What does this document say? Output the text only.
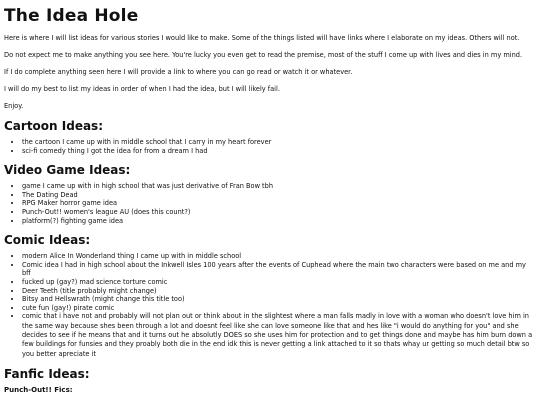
The Idea Hole

Here is where I will list ideas for various stories I would like to make. Some of the things listed will have links where I elaborate on my ideas. Others will not.

Do not expect me to make anything you see here. You're lucky you even get to read the premise, most of the stuff I come up with lives and dies in my mind.

If I do complete anything seen here I will provide a link to where you can go read or watch it or whatever.

I will do my best to list my ideas in order of when I had the idea, but I will likely fail.

Enjoy.

Cartoon Ideas:
• the cartoon I came up with in middle school that I carry in my heart forever
• sci-fi comedy thing I got the idea for from a dream I had
Video Game Ideas:
• game I came up with in high school that was just derivative of Fran Bow tbh
• The Dating Dead
• RPG Maker horror game idea
• Punch-Out!! women's league AU (does this count?)
• platform(?) fighting game idea
Comic Ideas:
• modern Alice In Wonderland thing I came up with in middle school
• Comic idea I had in high school about the Inkwell Isles 100 years after the events of Cuphead where the main two characters were based on me and my bff
• fucked up (gay?) mad science torture comic
• Deer Teeth (title probably might change)
• Bitsy and Hellswrath (might change this title too)
• cute fun (gay!) pirate comic
• comic that i have not and probably will not plan out or think about in the slightest where a man falls madly in love with a woman who doesn't love him in the same way because shes been through a lot and doesnt feel like she can love someone like that and hes like "i would do anything for you" and she decides to see if he means that and it turns out he absolutly DOES so she uses him for protection and to get things done and maybe has him burn down a few buildings for funsies and they proably both die in the end idk this is never getting a link attached to it so thats whay ur getting so much detail btw so you better apreciate it
Fanfic Ideas:
Punch-Out!! Fics:
